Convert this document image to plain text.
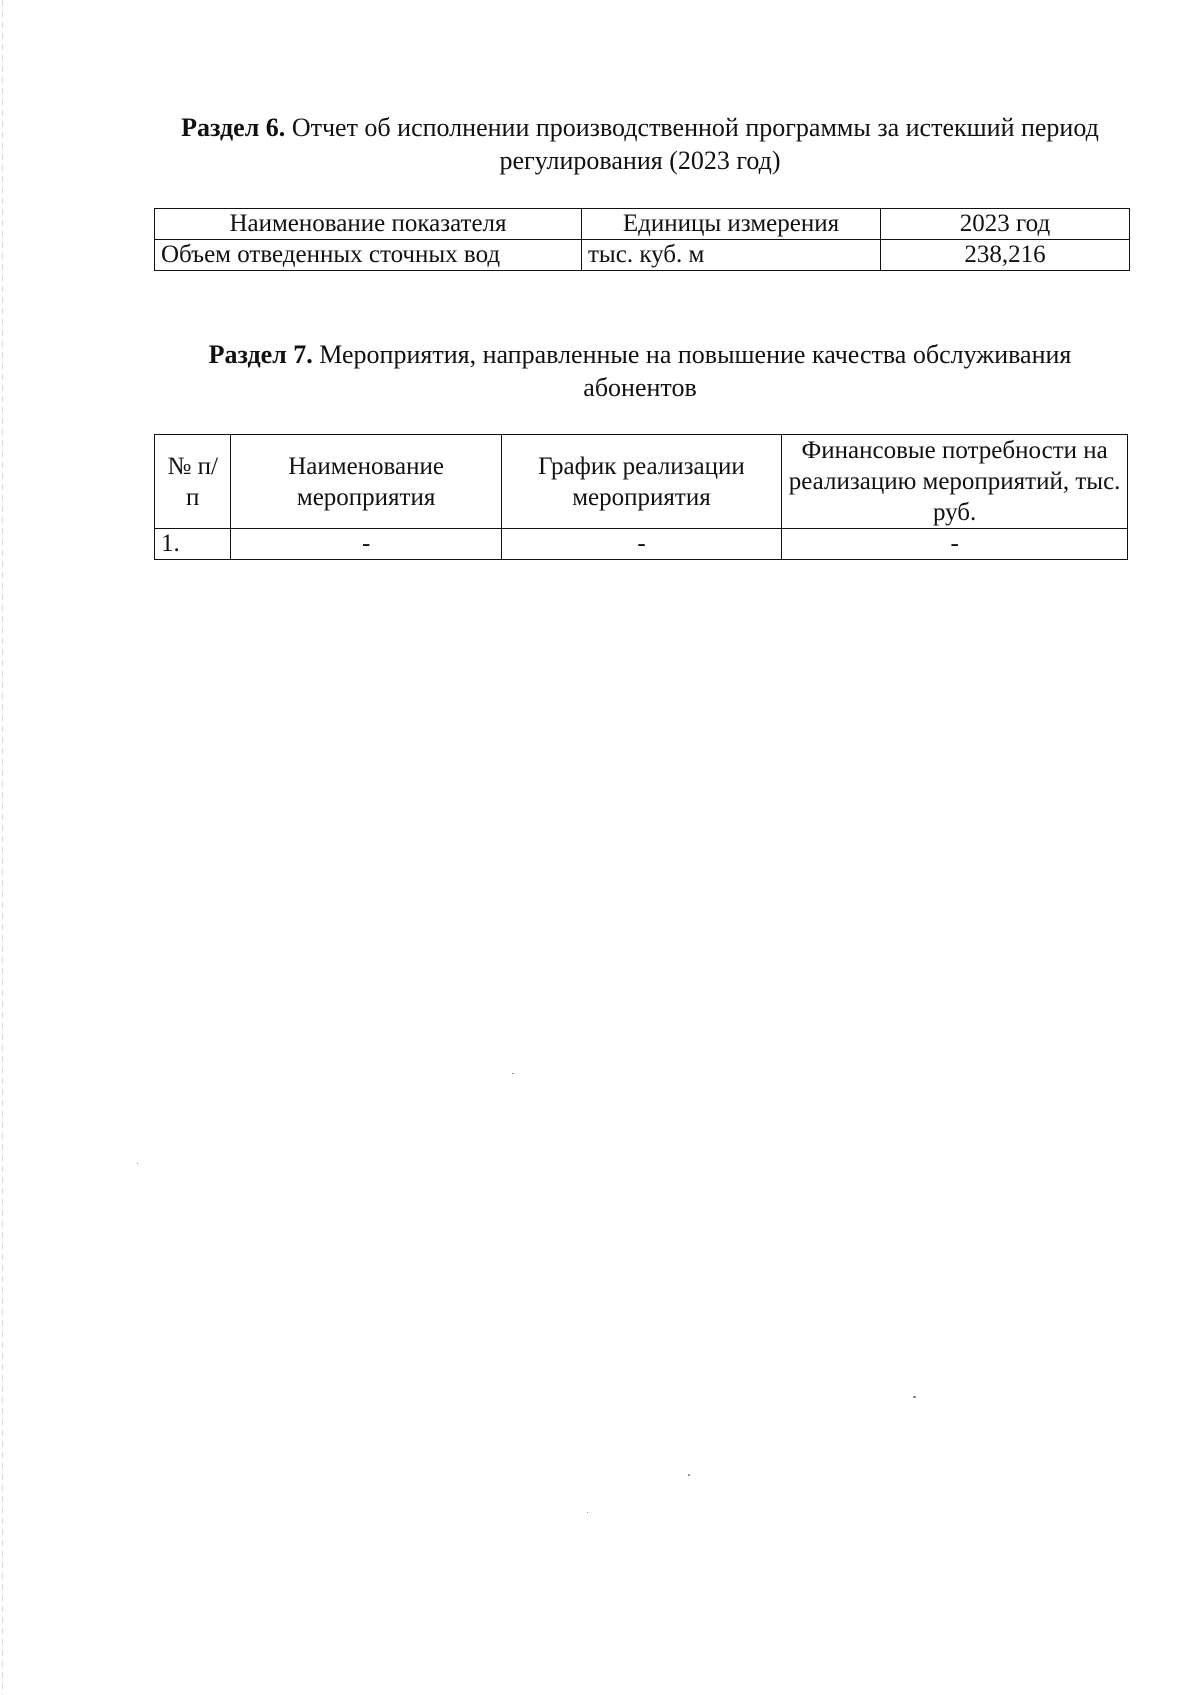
Раздел 6. Отчет об исполнении производственной программы за истекший период регулирования (2023 год)
Наименование показателя	Единицы измерения	2023 год
Объем отведенных сточных вод	тыс. куб. м	238,216
Раздел 7. Мероприятия, направленные на повышение качества обслуживания абонентов
№ п/п	Наименование мероприятия	График реализации мероприятия	Финансовые потребности на реализацию мероприятий, тыс. руб.
1.	-	-	-
